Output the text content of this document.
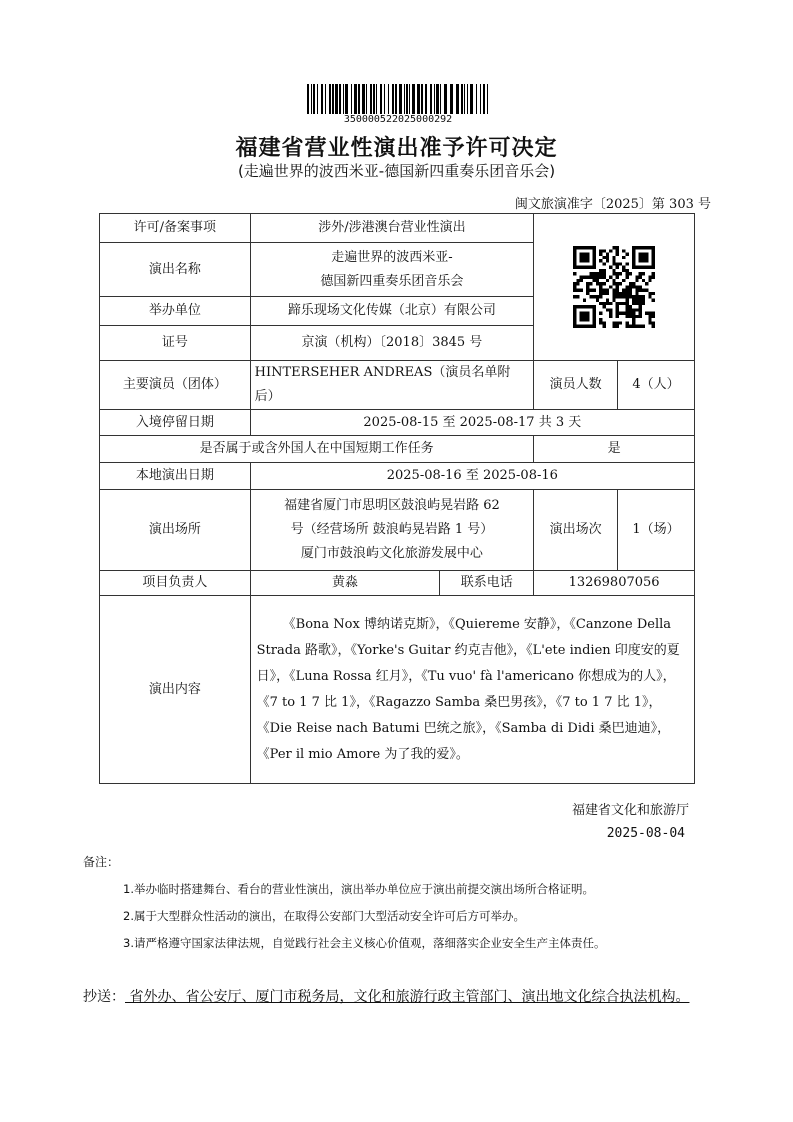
350000522025000292
福建省营业性演出准予许可决定
(走遍世界的波西米亚-德国新四重奏乐团音乐会)
闽文旅演准字〔2025〕第 303 号
许可/备案事项	涉外/涉港澳台营业性演出	

演出名称	走遍世界的波西米亚-
德国新四重奏乐团音乐会			

举办单位	蹄乐现场文化传媒（北京）有限公司			
证号	京演（机构）〔2018〕3845 号			
主要演员（团体）	HINTERSEHER ANDREAS（演员名单附后）		演员人数	4（人）
入境停留日期	2025-08-15 至 2025-08-17 共 3 天			
是否属于或含外国人在中国短期工作任务			是	
本地演出日期	2025-08-16 至 2025-08-16			
演出场所	福建省厦门市思明区鼓浪屿晃岩路 62
号（经营场所 鼓浪屿晃岩路 1 号）
厦门市鼓浪屿文化旅游发展中心		演出场次	1（场）
项目负责人	黄淼	联系电话	13269807056	
演出内容	《Bona Nox 博纳诺克斯》，《Quiereme 安静》，《Canzone Della Strada 路歌》，《Yorke's Guitar 约克吉他》，《L'ete indien 印度安的夏日》，《Luna Rossa 红月》，《Tu vuo' fà l'americano 你想成为的人》，《7 to 1 7 比 1》，《Ragazzo Samba 桑巴男孩》，《7 to 1 7 比 1》，《Die Reise nach Batumi 巴统之旅》，《Samba di Didi 桑巴迪迪》，《Per il mio Amore 为了我的爱》。			
福建省文化和旅游厅
2025-08-04
备注：
1.举办临时搭建舞台、看台的营业性演出，演出举办单位应于演出前提交演出场所合格证明。
2.属于大型群众性活动的演出，在取得公安部门大型活动安全许可后方可举办。
3.请严格遵守国家法律法规，自觉践行社会主义核心价值观，落细落实企业安全生产主体责任。
抄送： 省外办、省公安厅、厦门市税务局，文化和旅游行政主管部门、演出地文化综合执法机构。
